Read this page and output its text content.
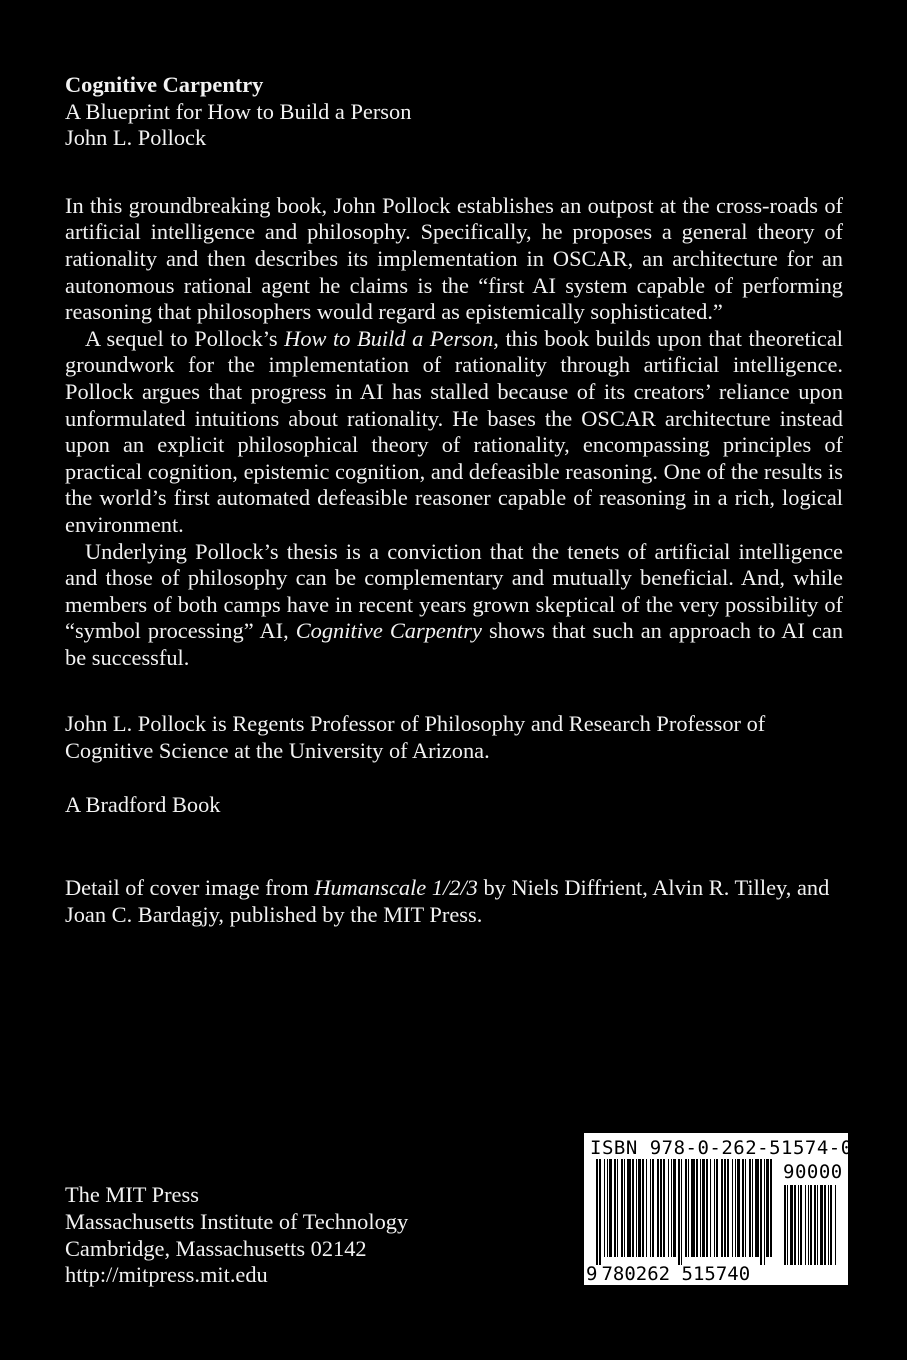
Cognitive Carpentry
A Blueprint for How to Build a Person
John L. Pollock

In this groundbreaking book, John Pollock establishes an outpost at the cross-roads of artificial intelligence and philosophy. Specifically, he proposes a general theory of rationality and then describes its implementation in OSCAR, an architecture for an autonomous rational agent he claims is the “first AI system capable of performing reasoning that philosophers would regard as epistemically sophisticated.”

A sequel to Pollock’s How to Build a Person, this book builds upon that theoretical groundwork for the implementation of rationality through artificial intelligence. Pollock argues that progress in AI has stalled because of its creators’ reliance upon unformulated intuitions about rationality. He bases the OSCAR architecture instead upon an explicit philosophical theory of rationality, encompassing principles of practical cognition, epistemic cognition, and defeasible reasoning. One of the results is the world’s first automated defeasible reasoner capable of reasoning in a rich, logical environment.

Underlying Pollock’s thesis is a conviction that the tenets of artificial intelligence and those of philosophy can be complementary and mutually beneficial. And, while members of both camps have in recent years grown skeptical of the very possibility of “symbol processing” AI, Cognitive Carpentry shows that such an approach to AI can be successful.

John L. Pollock is Regents Professor of Philosophy and Research Professor of Cognitive Science at the University of Arizona.
A Bradford Book
Detail of cover image from Humanscale 1/2/3 by Niels Diffrient, Alvin R. Tilley, and Joan C. Bardagjy, published by the MIT Press.
The MIT Press
Massachusetts Institute of Technology
Cambridge, Massachusetts 02142
http://mitpress.mit.edu
ISBN 978-0-262-51574-0
90000
9 780262 515740
